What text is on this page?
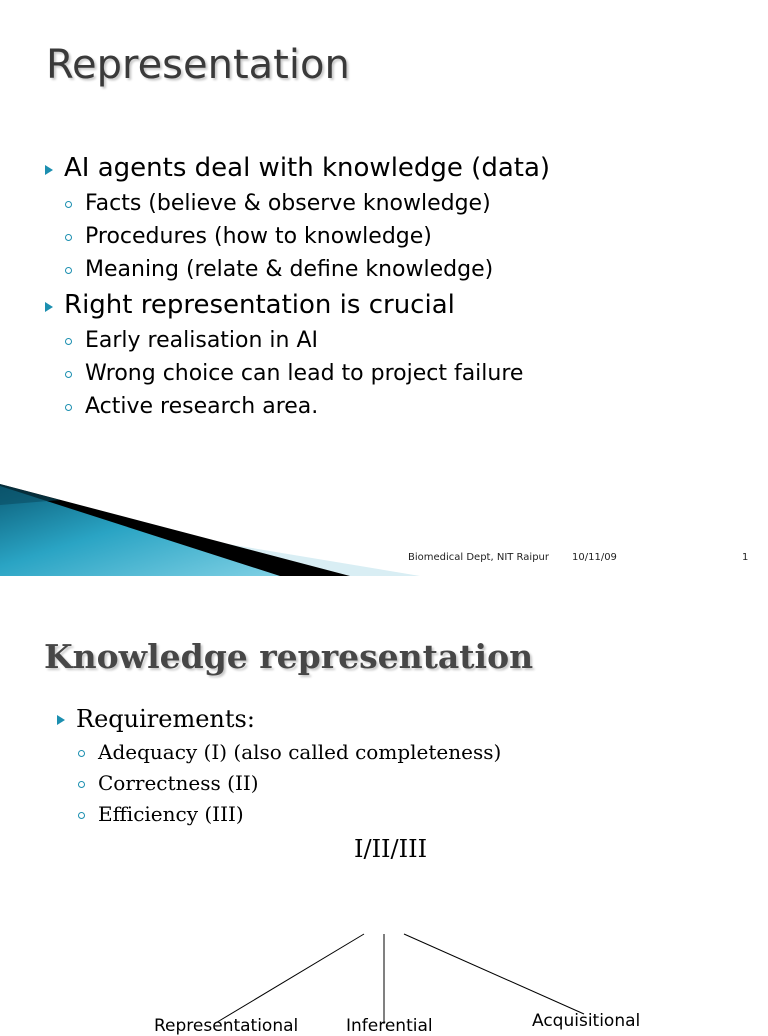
Representation
AI agents deal with knowledge (data)
Facts (believe & observe knowledge)
Procedures (how to knowledge)
Meaning (relate & define knowledge)
Right representation is crucial
Early realisation in AI
Wrong choice can lead to project failure
Active research area.
Biomedical Dept, NIT Raipur 10/11/09	1
Knowledge representation
Requirements:
Adequacy (I) (also called completeness)
Correctness (II)
Efficiency (III)
I/II/III
Representational	Inferential	Acquisitional
